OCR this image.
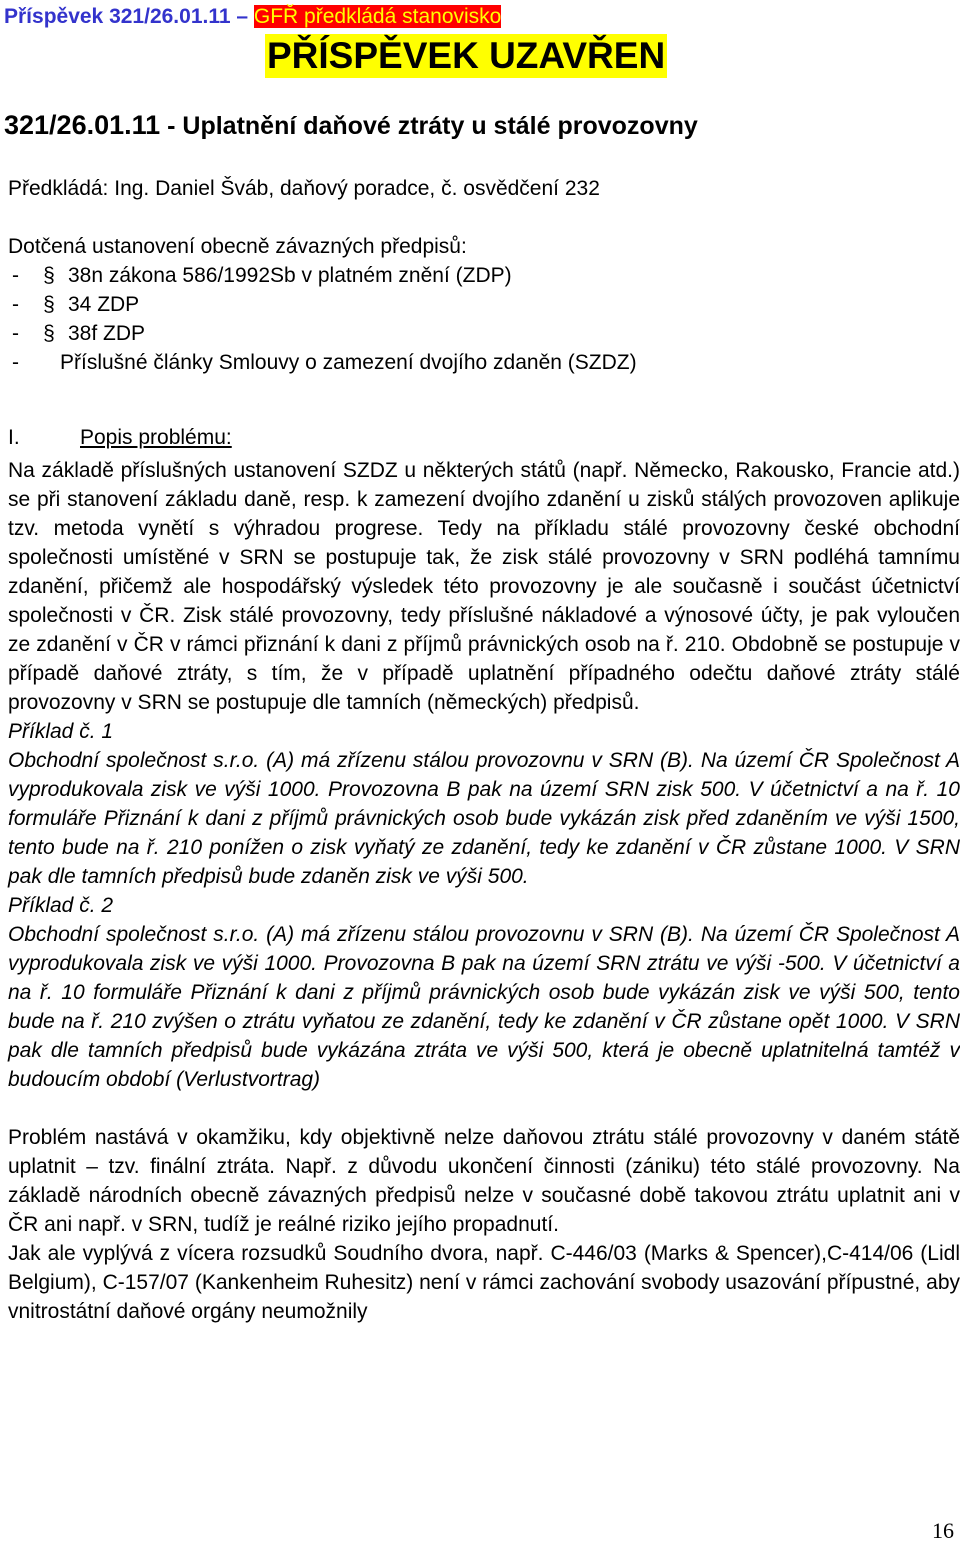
Příspěvek 321/26.01.11 – GFŘ předkládá stanovisko
PŘÍSPĚVEK UZAVŘEN
321/26.01.11 - Uplatnění daňové ztráty u stálé provozovny
Předkládá: Ing. Daniel Šváb, daňový poradce, č. osvědčení 232
Dotčená ustanovení obecně závazných předpisů:
-	§ 38n zákona 586/1992Sb v platném znění (ZDP)
-	§ 34 ZDP
-	§ 38f ZDP
-	Příslušné články Smlouvy o zamezení dvojího zdaněn (SZDZ)
I.	Popis problému:

Na základě příslušných ustanovení SZDZ u některých států (např. Německo, Rakousko, Francie atd.) se při stanovení základu daně, resp. k zamezení dvojího zdanění u zisků stálých provozoven aplikuje tzv. metoda vynětí s výhradou progrese. Tedy na příkladu stálé provozovny české obchodní společnosti umístěné v SRN se postupuje tak, že zisk stálé provozovny v SRN podléhá tamnímu zdanění, přičemž ale hospodářský výsledek této provozovny je ale současně i součást účetnictví společnosti v ČR. Zisk stálé provozovny, tedy příslušné nákladové a výnosové účty, je pak vyloučen ze zdanění v ČR v rámci přiznání k dani z příjmů právnických osob na ř. 210. Obdobně se postupuje v případě daňové ztráty, s tím, že v případě uplatnění případného odečtu daňové ztráty stálé provozovny v SRN se postupuje dle tamních (německých) předpisů.

Příklad č. 1

Obchodní společnost s.r.o. (A) má zřízenu stálou provozovnu v SRN (B). Na území ČR Společnost A vyprodukovala zisk ve výši 1000. Provozovna B pak na území SRN zisk 500. V účetnictví a na ř. 10 formuláře Přiznání k dani z příjmů právnických osob bude vykázán zisk před zdaněním ve výši 1500, tento bude na ř. 210 ponížen o zisk vyňatý ze zdanění, tedy ke zdanění v ČR zůstane 1000. V SRN pak dle tamních předpisů bude zdaněn zisk ve výši 500.

Příklad č. 2

Obchodní společnost s.r.o. (A) má zřízenu stálou provozovnu v SRN (B). Na území ČR Společnost A vyprodukovala zisk ve výši 1000. Provozovna B pak na území SRN ztrátu ve výši -500. V účetnictví a na ř. 10 formuláře Přiznání k dani z příjmů právnických osob bude vykázán zisk ve výši 500, tento bude na ř. 210 zvýšen o ztrátu vyňatou ze zdanění, tedy ke zdanění v ČR zůstane opět 1000. V SRN pak dle tamních předpisů bude vykázána ztráta ve výši 500, která je obecně uplatnitelná tamtéž v budoucím období (Verlustvortrag)

Problém nastává v okamžiku, kdy objektivně nelze daňovou ztrátu stálé provozovny v daném státě uplatnit – tzv. finální ztráta. Např. z důvodu ukončení činnosti (zániku) této stálé provozovny. Na základě národních obecně závazných předpisů nelze v současné době takovou ztrátu uplatnit ani v ČR ani např. v SRN, tudíž je reálné riziko jejího propadnutí.

Jak ale vyplývá z vícera rozsudků Soudního dvora, např. C-446/03 (Marks & Spencer),C-414/06 (Lidl Belgium), C-157/07 (Kankenheim Ruhesitz) není v rámci zachování svobody usazování přípustné, aby vnitrostátní daňové orgány neumožnily

16
